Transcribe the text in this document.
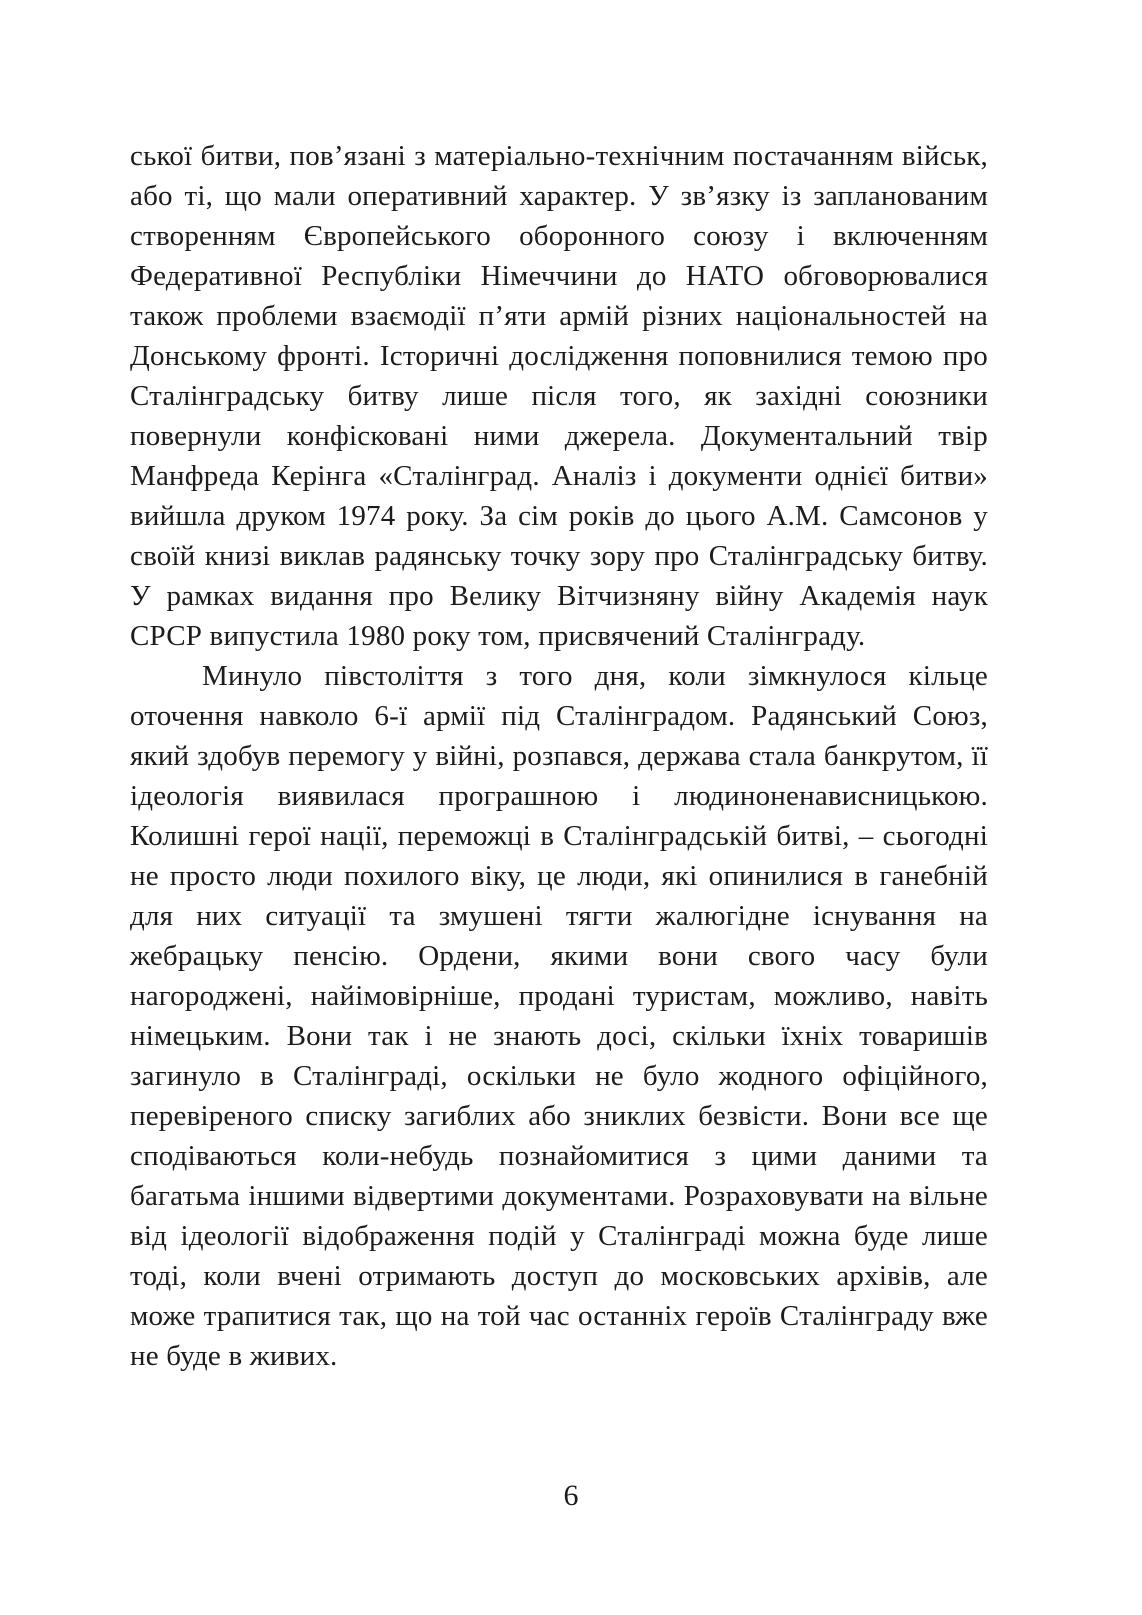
ської битви, пов’язані з матеріально-технічним постачанням військ, або ті, що мали оперативний характер. У зв’язку із запланованим створенням Європейського оборонного союзу і включенням Федеративної Республіки Німеччини до НАТО обговорювалися також проблеми взаємодії п’яти армій різних національностей на Донському фронті. Історичні дослідження поповнилися темою про Сталінградську битву лише після того, як західні союзники повернули конфісковані ними джерела. Документальний твір Манфреда Керінга «Сталінград. Аналіз і документи однієї битви» вийшла друком 1974 року. За сім років до цього А.М. Самсонов у своїй книзі виклав радянську точку зору про Сталінградську битву. У рамках видання про Велику Вітчизняну війну Академія наук СРСР випустила 1980 року том, присвячений Сталінграду.

Минуло півстоліття з того дня, коли зімкнулося кільце оточення навколо 6-ї армії під Сталінградом. Радянський Союз, який здобув перемогу у війні, розпався, держава стала банкрутом, її ідеологія виявилася програшною і людиноненависницькою. Колишні герої нації, переможці в Сталінградській битві, – сьогодні не просто люди похилого віку, це люди, які опинилися в ганебній для них ситуації та змушені тягти жалюгідне існування на жебрацьку пенсію. Ордени, якими вони свого часу були нагороджені, найімовірніше, продані туристам, можливо, навіть німецьким. Вони так і не знають досі, скільки їхніх товаришів загинуло в Сталінграді, оскільки не було жодного офіційного, перевіреного списку загиблих або зниклих безвісти. Вони все ще сподіваються коли-небудь познайомитися з цими даними та багатьма іншими відвертими документами. Розраховувати на вільне від ідеології відображення подій у Сталінграді можна буде лише тоді, коли вчені отримають доступ до московських архівів, але може трапитися так, що на той час останніх героїв Сталінграду вже не буде в живих.

6
